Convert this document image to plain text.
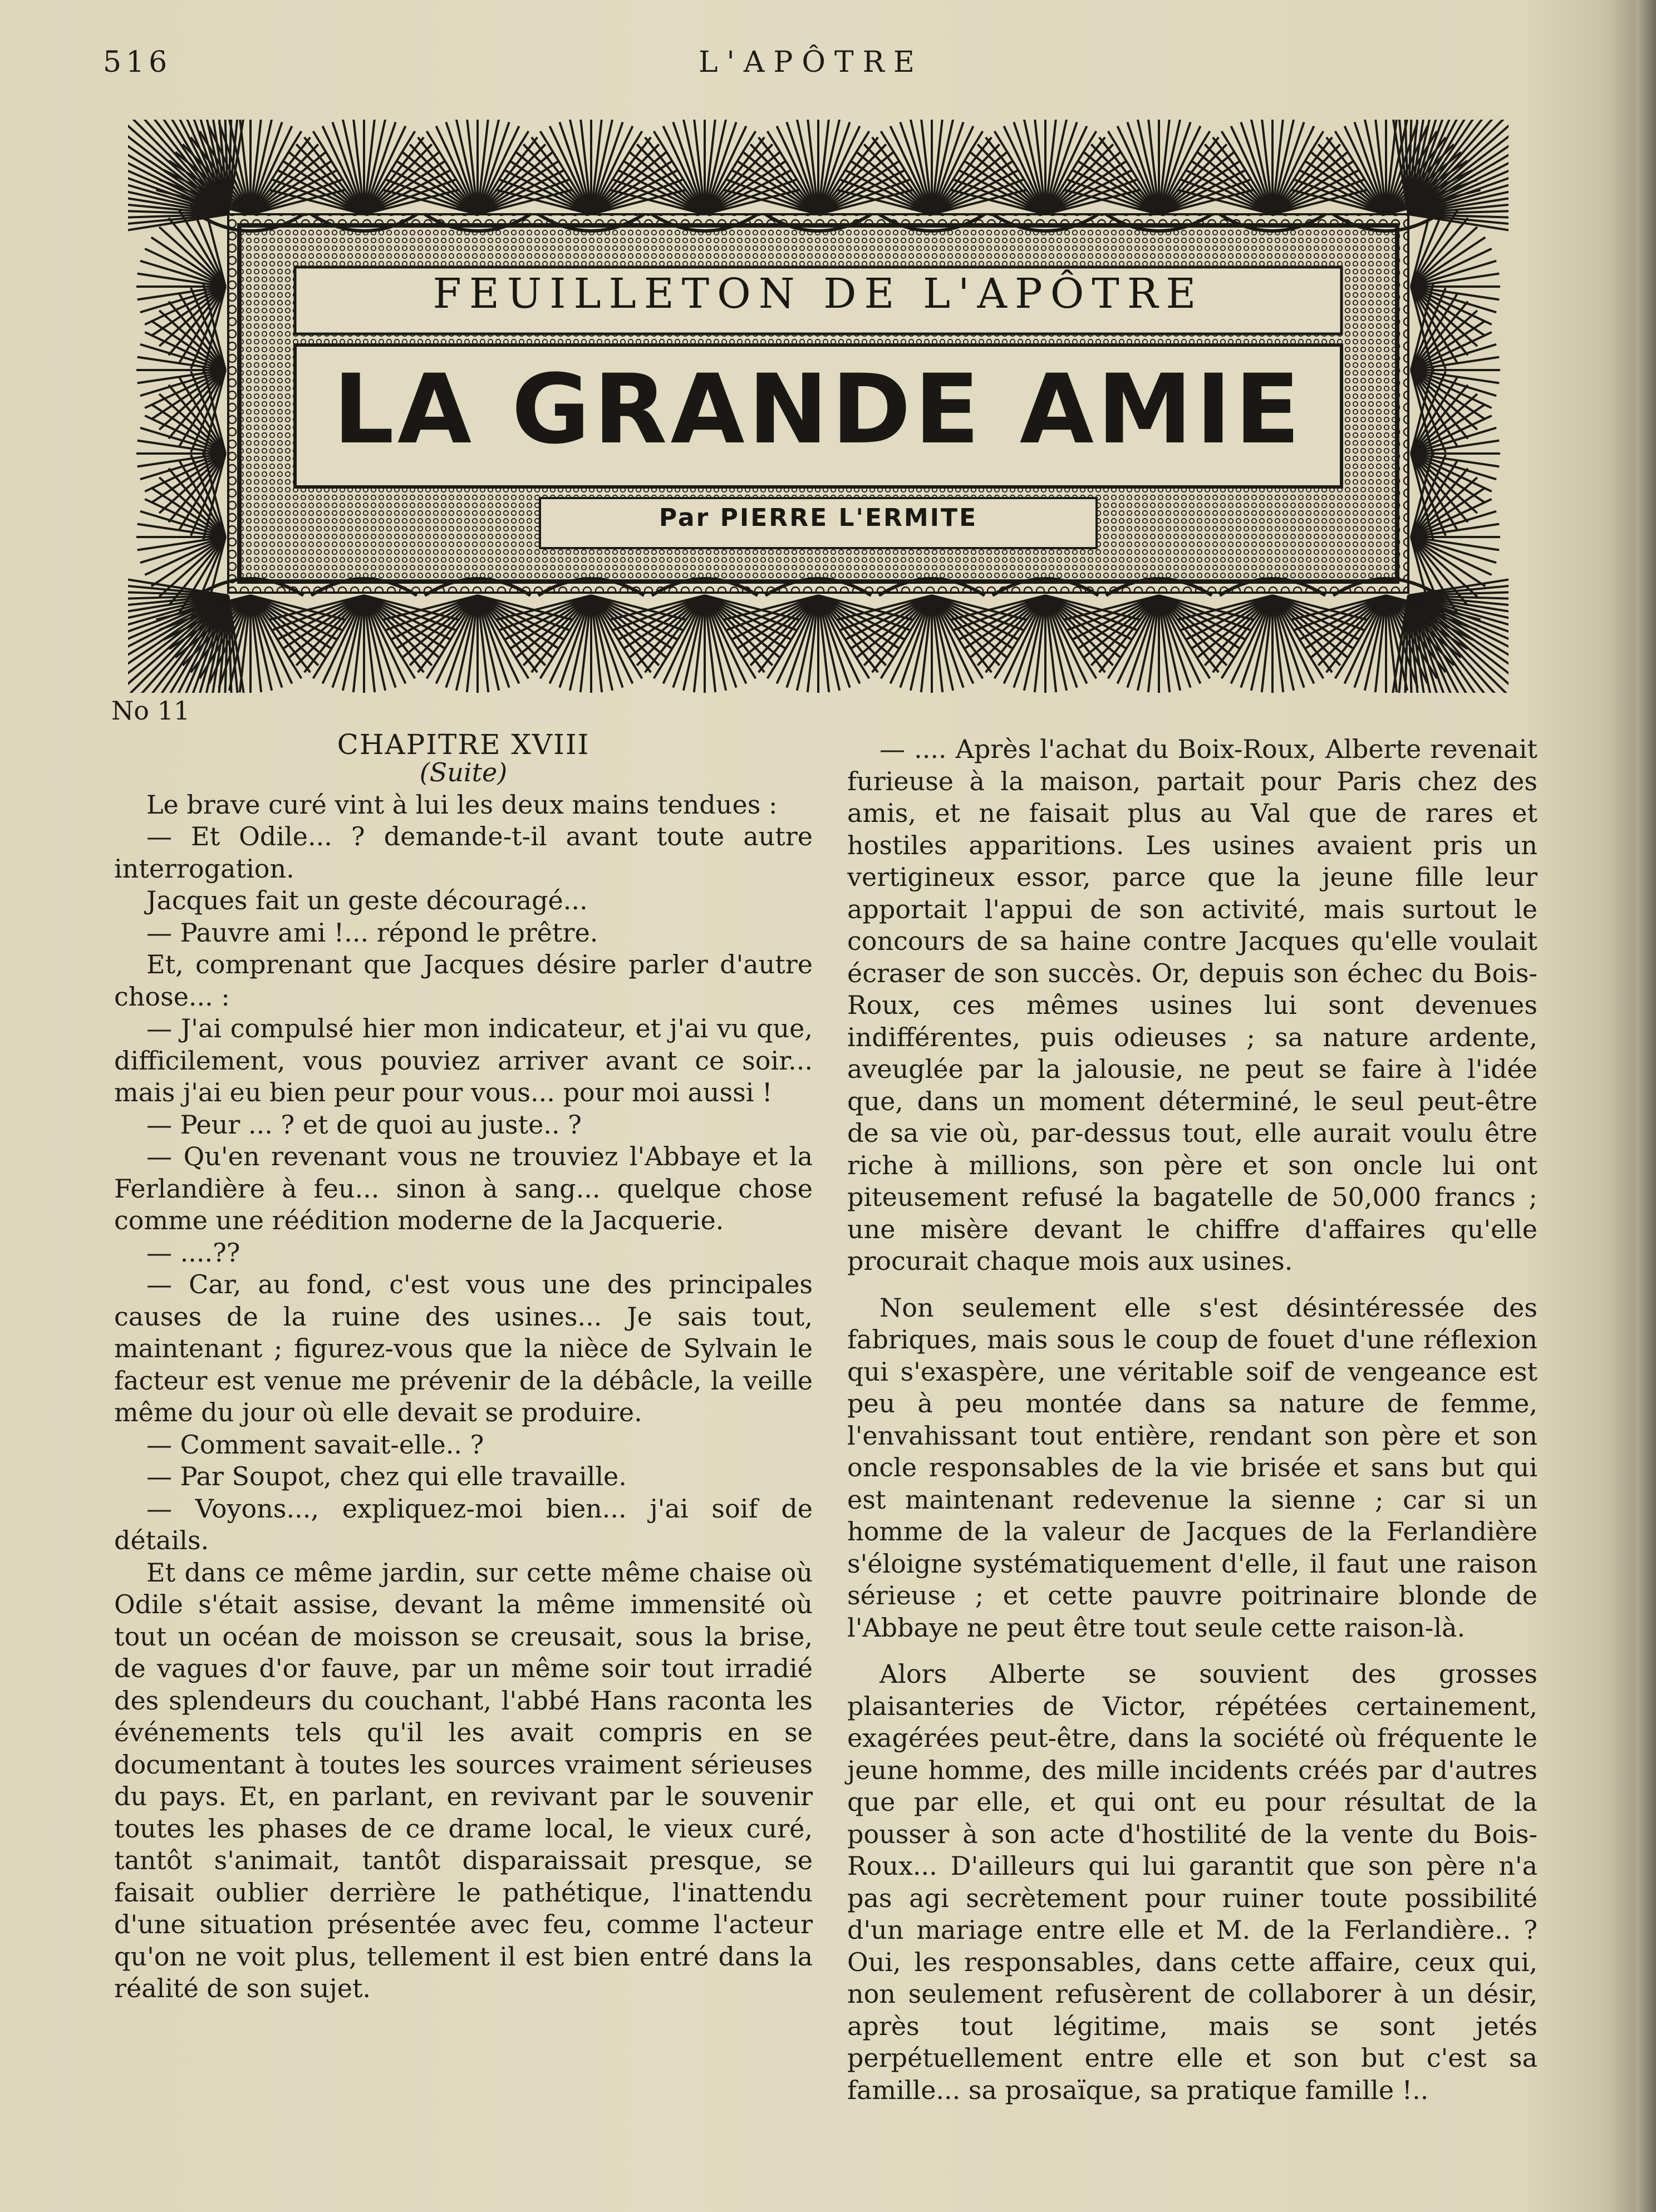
516	L'APÔTRE
FEUILLETON DE L'APÔTRE
LA GRANDE AMIE
Par PIERRE L'ERMITE
No 11

CHAPITRE XVIII

(Suite)

Le brave curé vint à lui les deux mains tendues :

— Et Odile... ? demande-t-il avant toute autre interrogation.

Jacques fait un geste découragé...

— Pauvre ami !... répond le prêtre.

Et, comprenant que Jacques désire parler d'autre chose... :

— J'ai compulsé hier mon indicateur, et j'ai vu que, difficilement, vous pouviez arriver avant ce soir... mais j'ai eu bien peur pour vous... pour moi aussi !

— Peur ... ? et de quoi au juste.. ?

— Qu'en revenant vous ne trouviez l'Abbaye et la Ferlandière à feu... sinon à sang... quelque chose comme une réédition moderne de la Jacquerie.

— ....??

— Car, au fond, c'est vous une des principales causes de la ruine des usines... Je sais tout, maintenant ; figurez-vous que la nièce de Sylvain le facteur est venue me prévenir de la débâcle, la veille même du jour où elle devait se produire.

— Comment savait-elle.. ?

— Par Soupot, chez qui elle travaille.

— Voyons..., expliquez-moi bien... j'ai soif de détails.

Et dans ce même jardin, sur cette même chaise où Odile s'était assise, devant la même immensité où tout un océan de moisson se creusait, sous la brise, de vagues d'or fauve, par un même soir tout irradié des splendeurs du couchant, l'abbé Hans raconta les événements tels qu'il les avait compris en se documentant à toutes les sources vraiment sérieuses du pays. Et, en parlant, en revivant par le souvenir toutes les phases de ce drame local, le vieux curé, tantôt s'animait, tantôt disparaissait presque, se faisait oublier derrière le pathétique, l'inattendu d'une situation présentée avec feu, comme l'acteur qu'on ne voit plus, tellement il est bien entré dans la réalité de son sujet.

— .... Après l'achat du Boix-Roux, Alberte revenait furieuse à la maison, partait pour Paris chez des amis, et ne faisait plus au Val que de rares et hostiles apparitions. Les usines avaient pris un vertigineux essor, parce que la jeune fille leur apportait l'appui de son activité, mais surtout le concours de sa haine contre Jacques qu'elle voulait écraser de son succès. Or, depuis son échec du Bois-Roux, ces mêmes usines lui sont devenues indifférentes, puis odieuses ; sa nature ardente, aveuglée par la jalousie, ne peut se faire à l'idée que, dans un moment déterminé, le seul peut-être de sa vie où, par-dessus tout, elle aurait voulu être riche à millions, son père et son oncle lui ont piteusement refusé la bagatelle de 50,000 francs ; une misère devant le chiffre d'affaires qu'elle procurait chaque mois aux usines.

Non seulement elle s'est désintéressée des fabriques, mais sous le coup de fouet d'une réflexion qui s'exaspère, une véritable soif de vengeance est peu à peu montée dans sa nature de femme, l'envahissant tout entière, rendant son père et son oncle responsables de la vie brisée et sans but qui est maintenant redevenue la sienne ; car si un homme de la valeur de Jacques de la Ferlandière s'éloigne systématiquement d'elle, il faut une raison sérieuse ; et cette pauvre poitrinaire blonde de l'Abbaye ne peut être tout seule cette raison-là.

Alors Alberte se souvient des grosses plaisanteries de Victor, répétées certainement, exagérées peut-être, dans la société où fréquente le jeune homme, des mille incidents créés par d'autres que par elle, et qui ont eu pour résultat de la pousser à son acte d'hostilité de la vente du Bois-Roux... D'ailleurs qui lui garantit que son père n'a pas agi secrètement pour ruiner toute possibilité d'un mariage entre elle et M. de la Ferlandière.. ? Oui, les responsables, dans cette affaire, ceux qui, non seulement refusèrent de collaborer à un désir, après tout légitime, mais se sont jetés perpétuellement entre elle et son but c'est sa famille... sa prosaïque, sa pratique famille !..
